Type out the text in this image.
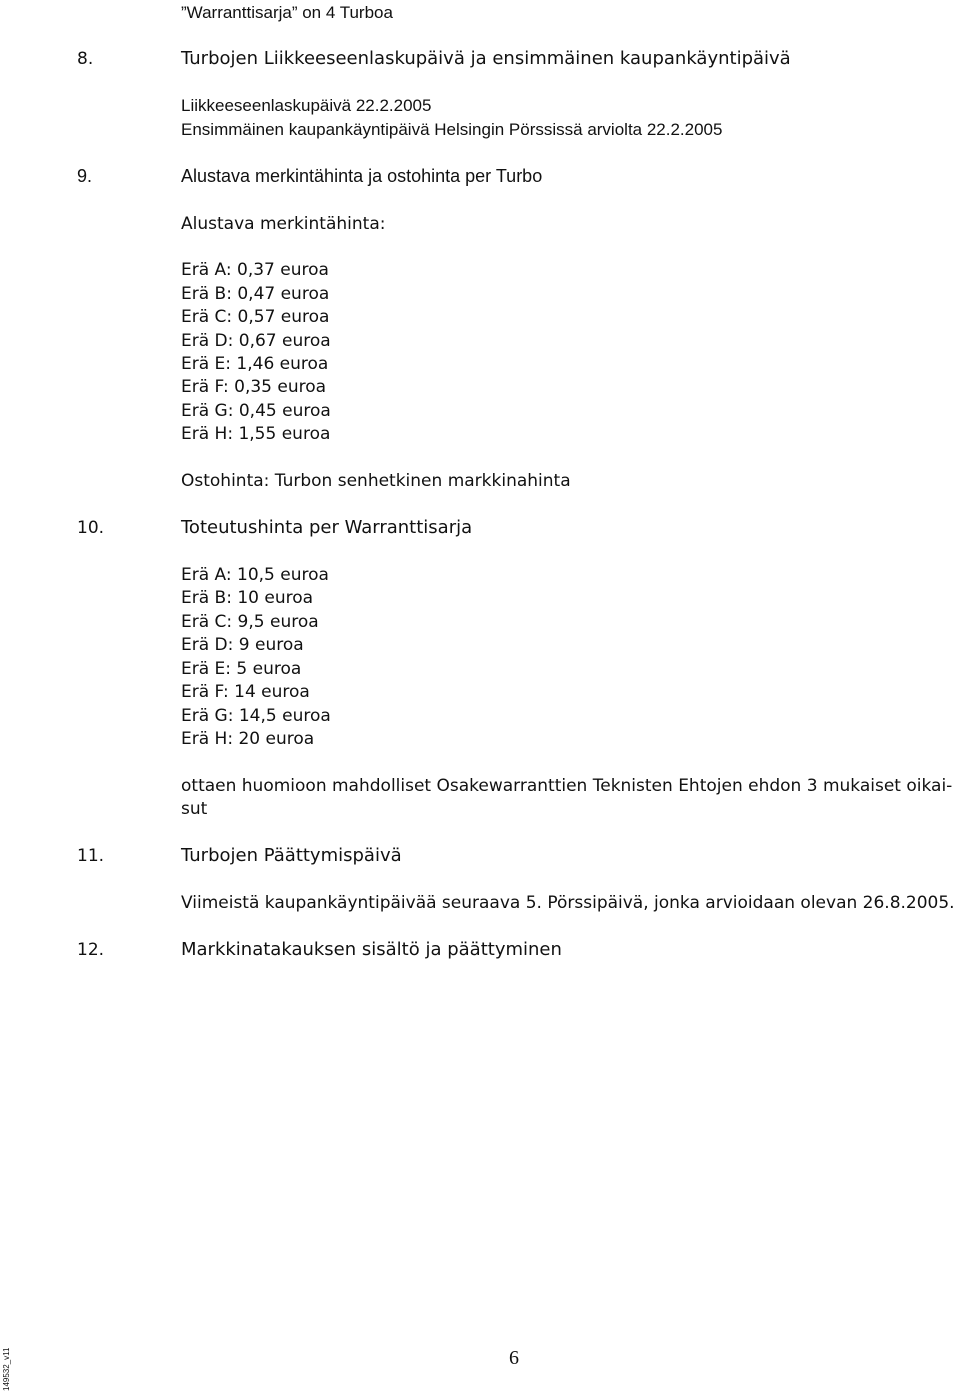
”Warranttisarja” on 4 Turboa
8.	Turbojen Liikkeeseenlaskupäivä ja ensimmäinen kaupankäyntipäivä
Liikkeeseenlaskupäivä 22.2.2005
Ensimmäinen kaupankäyntipäivä Helsingin Pörssissä arviolta 22.2.2005
9.	Alustava merkintähinta ja ostohinta per Turbo
Alustava merkintähinta:
Erä A: 0,37 euroa
Erä B: 0,47 euroa
Erä C: 0,57 euroa
Erä D: 0,67 euroa
Erä E: 1,46 euroa
Erä F: 0,35 euroa
Erä G: 0,45 euroa
Erä H: 1,55 euroa
Ostohinta: Turbon senhetkinen markkinahinta
10.	Toteutushinta per Warranttisarja
Erä A: 10,5 euroa
Erä B: 10 euroa
Erä C: 9,5 euroa
Erä D: 9 euroa
Erä E: 5 euroa
Erä F: 14 euroa
Erä G: 14,5 euroa
Erä H: 20 euroa
ottaen huomioon mahdolliset Osakewarranttien Teknisten Ehtojen ehdon 3 mukaiset oikai-
sut
11.	Turbojen Päättymispäivä
Viimeistä kaupankäyntipäivää seuraava 5. Pörssipäivä, jonka arvioidaan olevan 26.8.2005.
12.	Markkinatakauksen sisältö ja päättyminen
6
149532_v11
